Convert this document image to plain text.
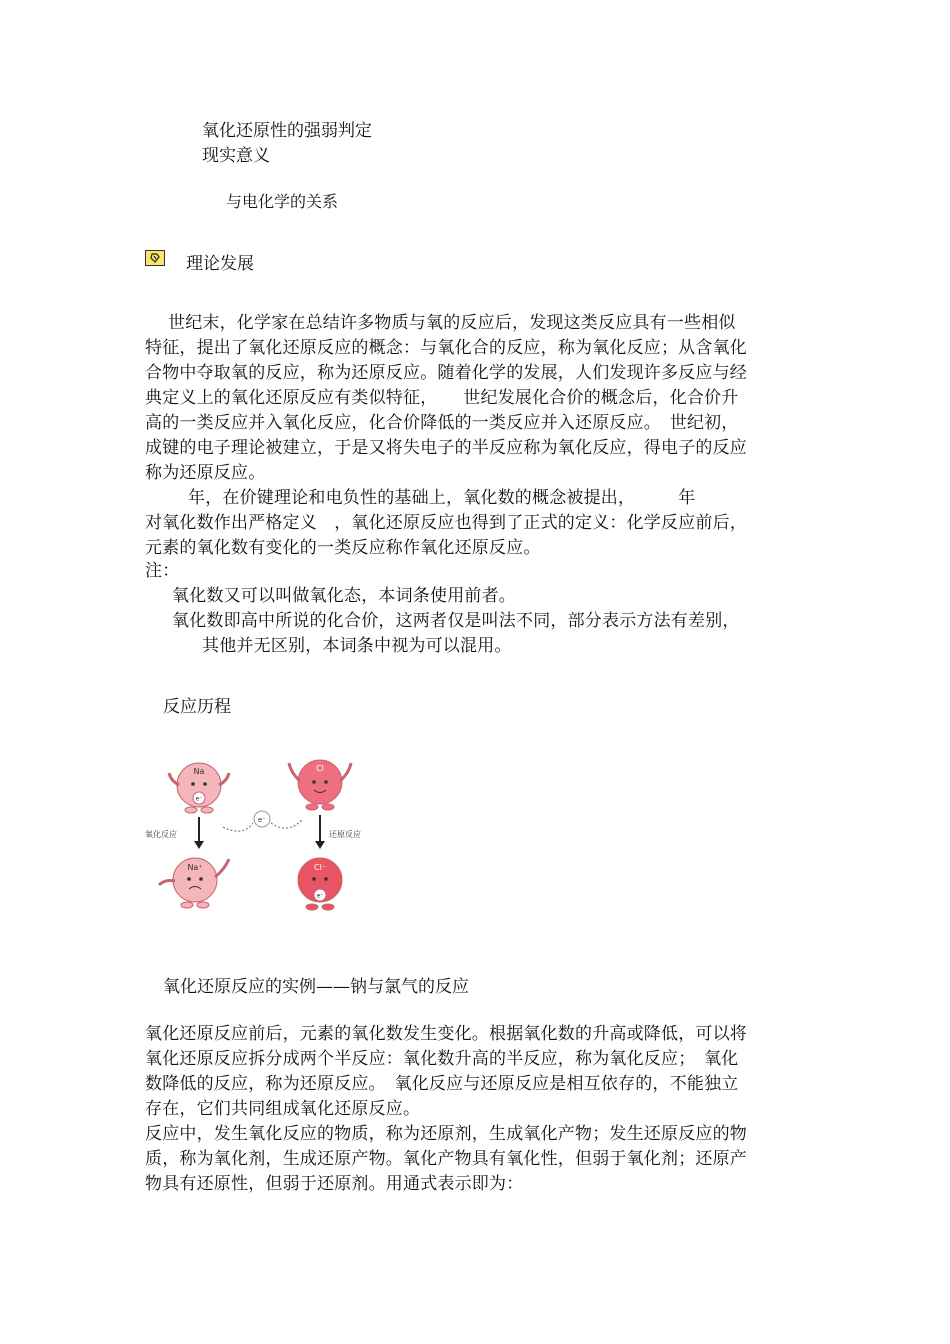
氧化还原性的强弱判定
现实意义
与电化学的关系
理论发展
世纪末，化学家在总结许多物质与氧的反应后，发现这类反应具有一些相似
特征，提出了氧化还原反应的概念：与氧化合的反应，称为氧化反应；从含氧化
合物中夺取氧的反应，称为还原反应。随着化学的发展，人们发现许多反应与经
典定义上的氧化还原反应有类似特征，　　世纪发展化合价的概念后，化合价升
高的一类反应并入氧化反应，化合价降低的一类反应并入还原反应。　世纪初，
成键的电子理论被建立，于是又将失电子的半反应称为氧化反应，得电子的反应
称为还原反应。
年，在价键理论和电负性的基础上，氧化数的概念被提出，　　　年
对氧化数作出严格定义　，氧化还原反应也得到了正式的定义：化学反应前后，
元素的氧化数有变化的一类反应称作氧化还原反应。
注：
氧化数又可以叫做氧化态，本词条使用前者。
氧化数即高中所说的化合价，这两者仅是叫法不同，部分表示方法有差别，
其他并无区别，本词条中视为可以混用。
反应历程
Na
e⁻
Cl
e⁻
氧化反应	还原反应
Na⁺	Cl⁻
e⁻
氧化还原反应的实例——钠与氯气的反应
氧化还原反应前后，元素的氧化数发生变化。根据氧化数的升高或降低，可以将
氧化还原反应拆分成两个半反应：氧化数升高的半反应，称为氧化反应；　氧化
数降低的反应，称为还原反应。　氧化反应与还原反应是相互依存的，不能独立
存在，它们共同组成氧化还原反应。
反应中，发生氧化反应的物质，称为还原剂，生成氧化产物；发生还原反应的物
质，称为氧化剂，生成还原产物。氧化产物具有氧化性，但弱于氧化剂；还原产
物具有还原性，但弱于还原剂。用通式表示即为：
